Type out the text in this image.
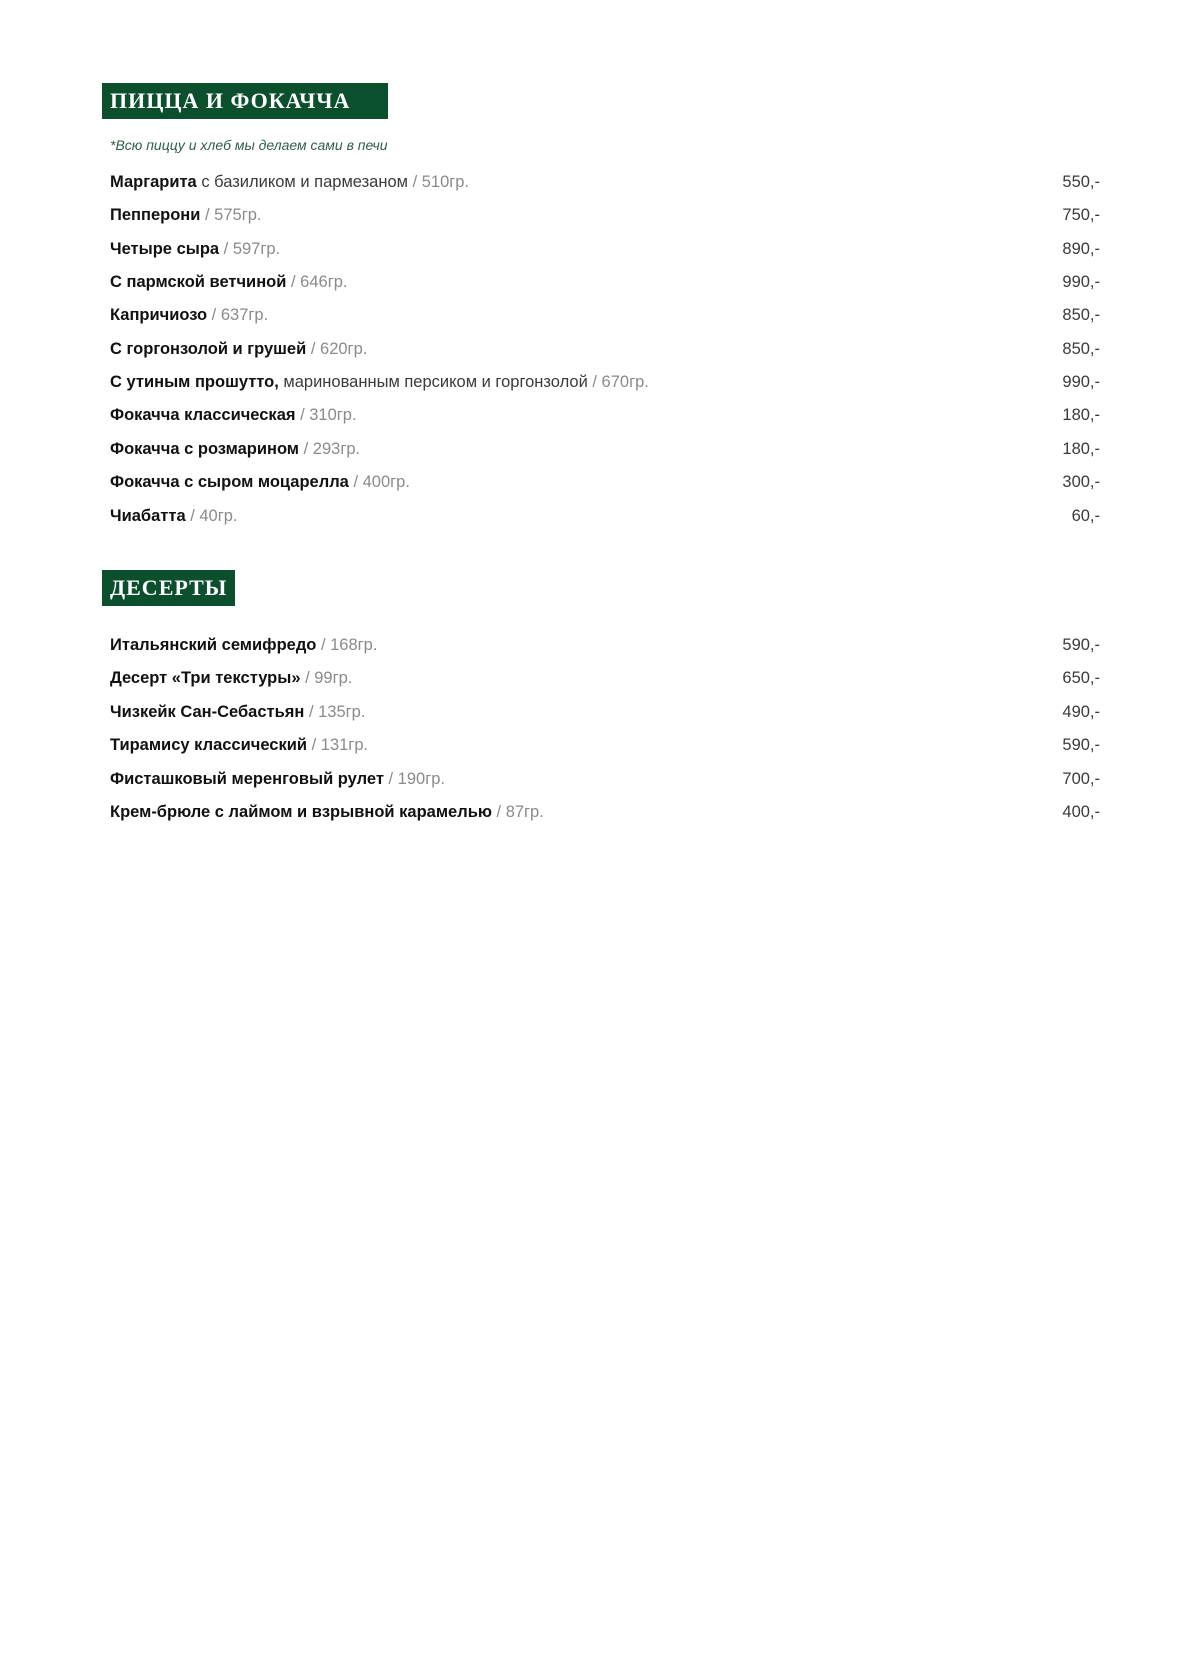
ПИЦЦА И ФОКАЧЧА
*Всю пиццу и хлеб мы делаем сами в печи
Маргарита с базиликом и пармезаном / 510гр.	550,-
Пепперони / 575гр.	750,-
Четыре сыра / 597гр.	890,-
С пармской ветчиной / 646гр.	990,-
Капричиозо / 637гр.	850,-
С горгонзолой и грушей / 620гр.	850,-
С утиным прошутто, маринованным персиком и горгонзолой / 670гр.	990,-
Фокачча классическая / 310гр.	180,-
Фокачча с розмарином / 293гр.	180,-
Фокачча с сыром моцарелла / 400гр.	300,-
Чиабатта / 40гр.	60,-
ДЕСЕРТЫ
Итальянский семифредо / 168гр.	590,-
Десерт «Три текстуры» / 99гр.	650,-
Чизкейк Сан-Себастьян / 135гр.	490,-
Тирамису классический / 131гр.	590,-
Фисташковый меренговый рулет / 190гр.	700,-
Крем-брюле с лаймом и взрывной карамелью / 87гр.	400,-
